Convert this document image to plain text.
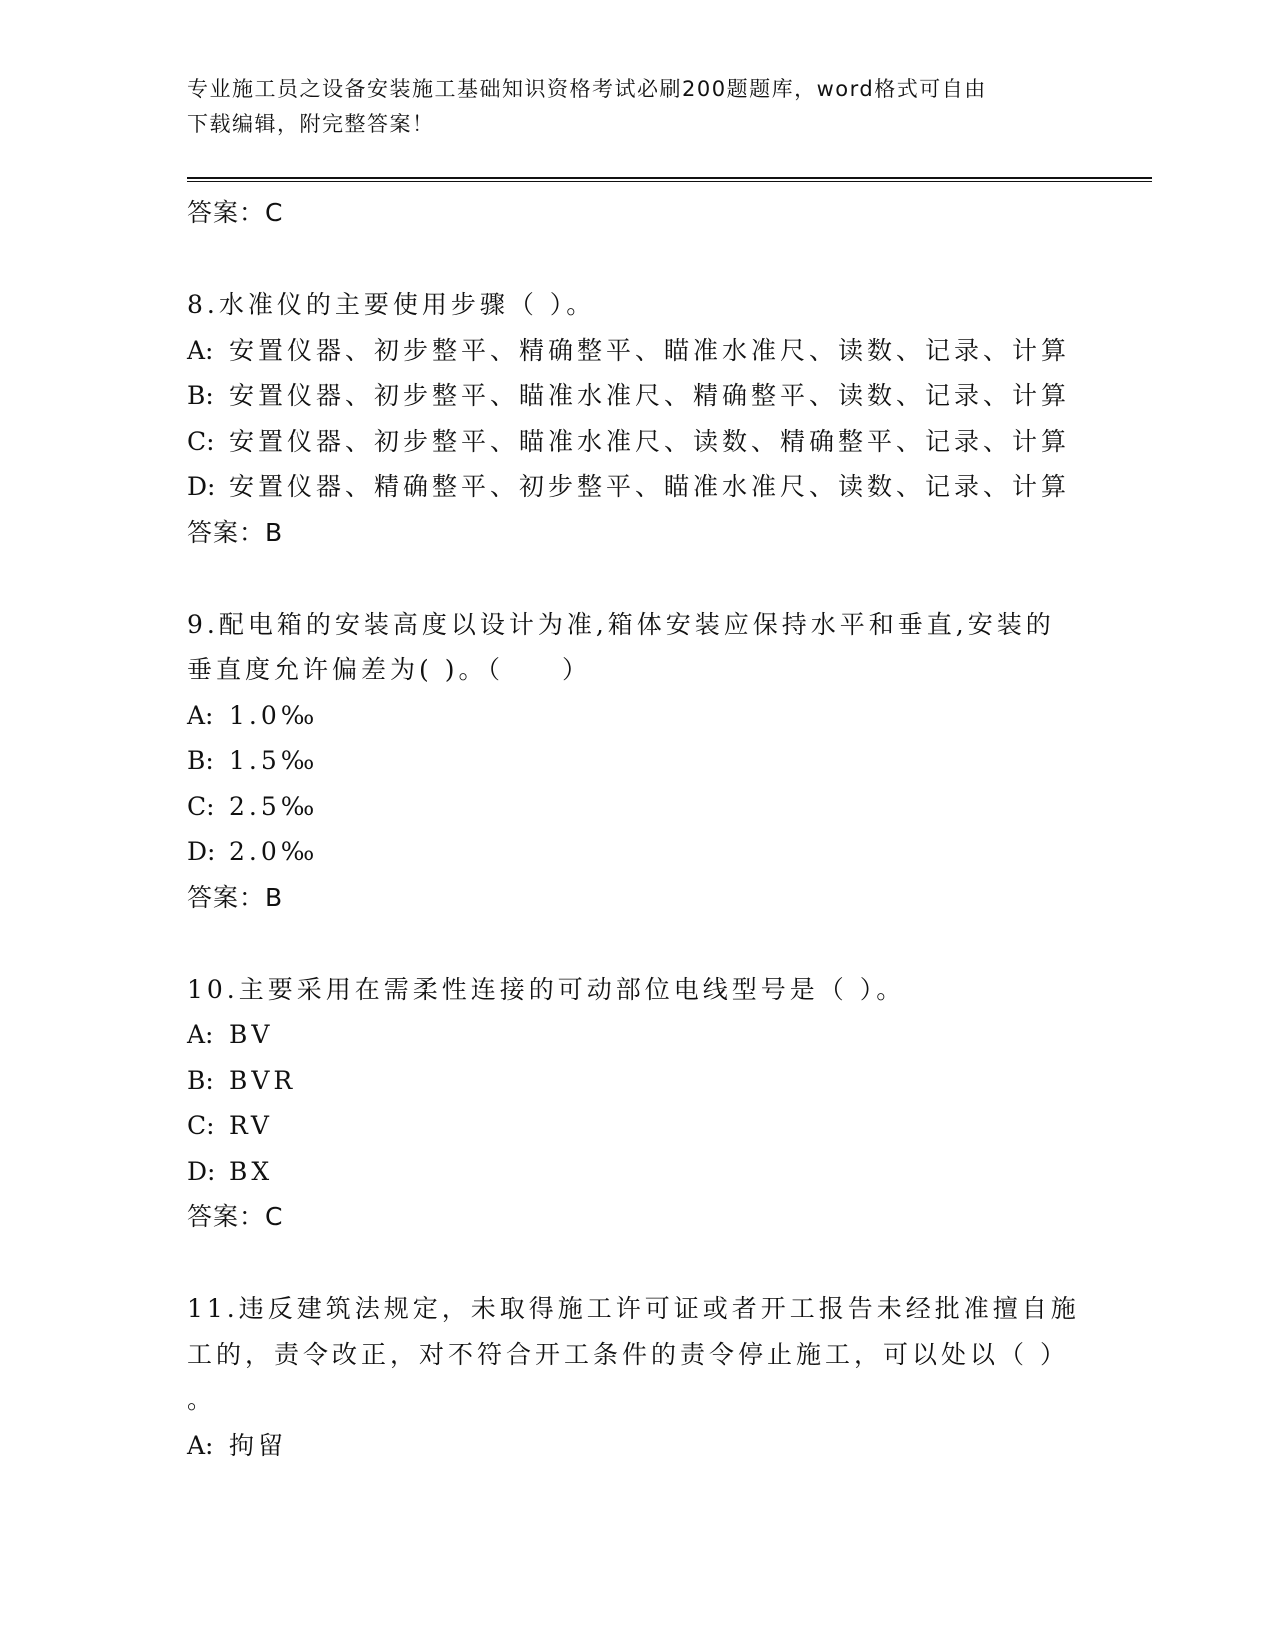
专业施工员之设备安装施工基础知识资格考试必刷200题题库，word格式可自由
下载编辑，附完整答案！
答案：C
8.水准仪的主要使用步骤（ ）。
A: 安置仪器、初步整平、精确整平、瞄准水准尺、读数、记录、计算
B: 安置仪器、初步整平、瞄准水准尺、精确整平、读数、记录、计算
C: 安置仪器、初步整平、瞄准水准尺、读数、精确整平、记录、计算
D: 安置仪器、精确整平、初步整平、瞄准水准尺、读数、记录、计算
答案：B
9.配电箱的安装高度以设计为准,箱体安装应保持水平和垂直,安装的
垂直度允许偏差为( )。（　　）
A: 1.0‰
B: 1.5‰
C: 2.5‰
D: 2.0‰
答案：B
10.主要采用在需柔性连接的可动部位电线型号是（ ）。
A: BV
B: BVR
C: RV
D: BX
答案：C
11.违反建筑法规定，未取得施工许可证或者开工报告未经批准擅自施
工的，责令改正，对不符合开工条件的责令停止施工，可以处以（ ）
。
A: 拘留
